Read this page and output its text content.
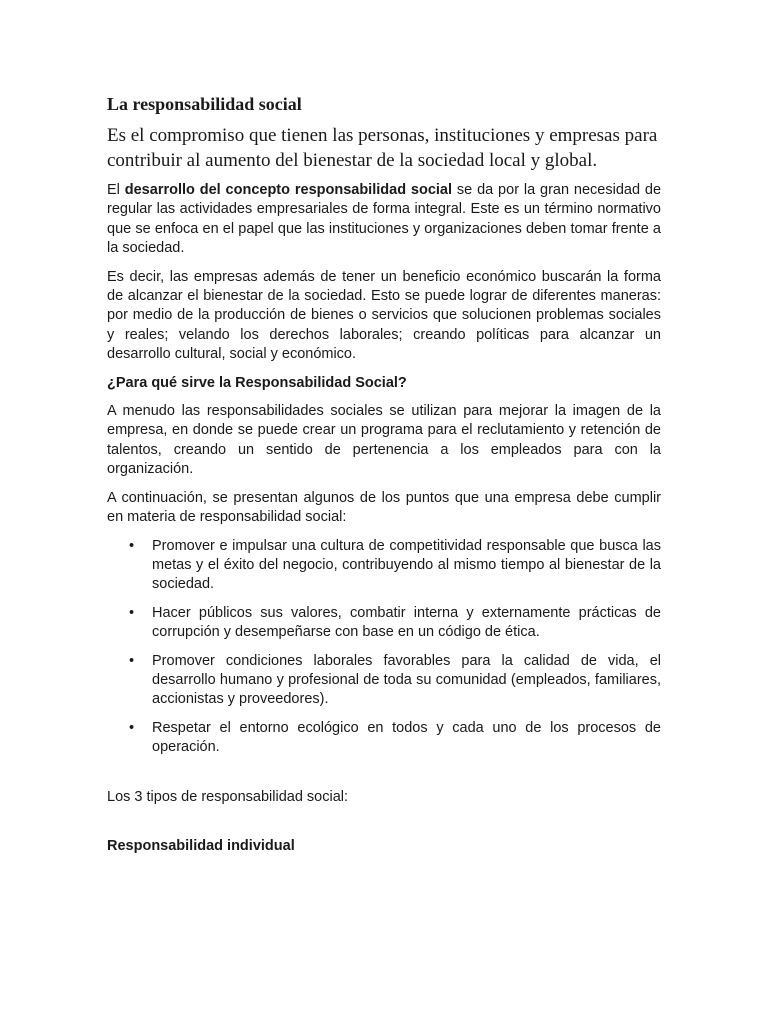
La responsabilidad social

Es el compromiso que tienen las personas, instituciones y empresas para contribuir al aumento del bienestar de la sociedad local y global.

El desarrollo del concepto responsabilidad social se da por la gran necesidad de regular las actividades empresariales de forma integral. Este es un término normativo que se enfoca en el papel que las instituciones y organizaciones deben tomar frente a la sociedad.

Es decir, las empresas además de tener un beneficio económico buscarán la forma de alcanzar el bienestar de la sociedad. Esto se puede lograr de diferentes maneras: por medio de la producción de bienes o servicios que solucionen problemas sociales y reales; velando los derechos laborales; creando políticas para alcanzar un desarrollo cultural, social y económico.

¿Para qué sirve la Responsabilidad Social?

A menudo las responsabilidades sociales se utilizan para mejorar la imagen de la empresa, en donde se puede crear un programa para el reclutamiento y retención de talentos, creando un sentido de pertenencia a los empleados para con la organización.

A continuación, se presentan algunos de los puntos que una empresa debe cumplir en materia de responsabilidad social:

• Promover e impulsar una cultura de competitividad responsable que busca las metas y el éxito del negocio, contribuyendo al mismo tiempo al bienestar de la sociedad.
• Hacer públicos sus valores, combatir interna y externamente prácticas de corrupción y desempeñarse con base en un código de ética.
• Promover condiciones laborales favorables para la calidad de vida, el desarrollo humano y profesional de toda su comunidad (empleados, familiares, accionistas y proveedores).
• Respetar el entorno ecológico en todos y cada uno de los procesos de operación.

Los 3 tipos de responsabilidad social:

Responsabilidad individual
